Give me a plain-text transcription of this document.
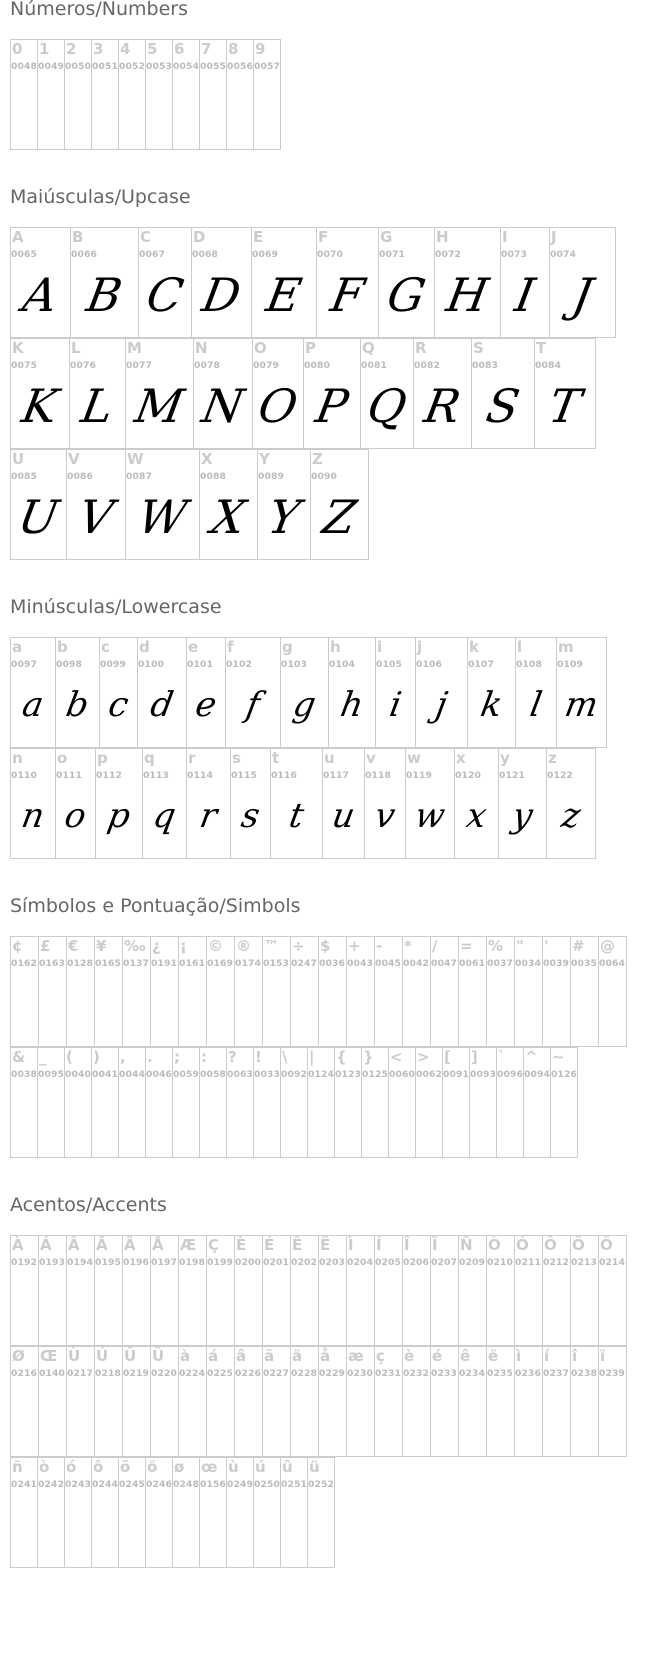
Números/Numbers
Maiúsculas/Upcase
Minúsculas/Lowercase
Símbolos e Pontuação/Simbols
Acentos/Accents
0
0048
1
0049
2
0050
3
0051
4
0052
5
0053
6
0054
7
0055
8
0056
9
0057
A
0065
A
B
0066
B
C
0067
C
D
0068
D
E
0069
E
F
0070
F
G
0071
G
H
0072
H
I
0073
I
J
0074
J
K
0075
K
L
0076
L
M
0077
M
N
0078
N
O
0079
O
P
0080
P
Q
0081
Q
R
0082
R
S
0083
S
T
0084
T
U
0085
U
V
0086
V
W
0087
W
X
0088
X
Y
0089
Y
Z
0090
Z
a
0097
a
b
0098
b
c
0099
c
d
0100
d
e
0101
e
f
0102
f
g
0103
g
h
0104
h
i
0105
i
j
0106
j
k
0107
k
l
0108
l
m
0109
m
n
0110
n
o
0111
o
p
0112
p
q
0113
q
r
0114
r
s
0115
s
t
0116
t
u
0117
u
v
0118
v
w
0119
w
x
0120
x
y
0121
y
z
0122
z
¢
0162
£
0163
€
0128
¥
0165
‰
0137
¿
0191
¡
0161
©
0169
®
0174
™
0153
÷
0247
$
0036
+
0043
-
0045
*
0042
/
0047
=
0061
%
0037
"
0034
'
0039
#
0035
@
0064
&
0038
_
0095
(
0040
)
0041
,
0044
.
0046
;
0059
:
0058
?
0063
!
0033
\
0092
|
0124
{
0123
}
0125
<
0060
>
0062
[
0091
]
0093
`
0096
^
0094
~
0126
À
0192
Á
0193
Â
0194
Ã
0195
Ä
0196
Å
0197
Æ
0198
Ç
0199
È
0200
É
0201
Ê
0202
Ë
0203
Ì
0204
Í
0205
Î
0206
Ï
0207
Ñ
0209
Ò
0210
Ó
0211
Ô
0212
Õ
0213
Ö
0214
Ø
0216
Œ
0140
Ù
0217
Ú
0218
Û
0219
Ü
0220
à
0224
á
0225
â
0226
ã
0227
ä
0228
å
0229
æ
0230
ç
0231
è
0232
é
0233
ê
0234
ë
0235
ì
0236
í
0237
î
0238
ï
0239
ñ
0241
ò
0242
ó
0243
ô
0244
õ
0245
ö
0246
ø
0248
œ
0156
ù
0249
ú
0250
û
0251
ü
0252
